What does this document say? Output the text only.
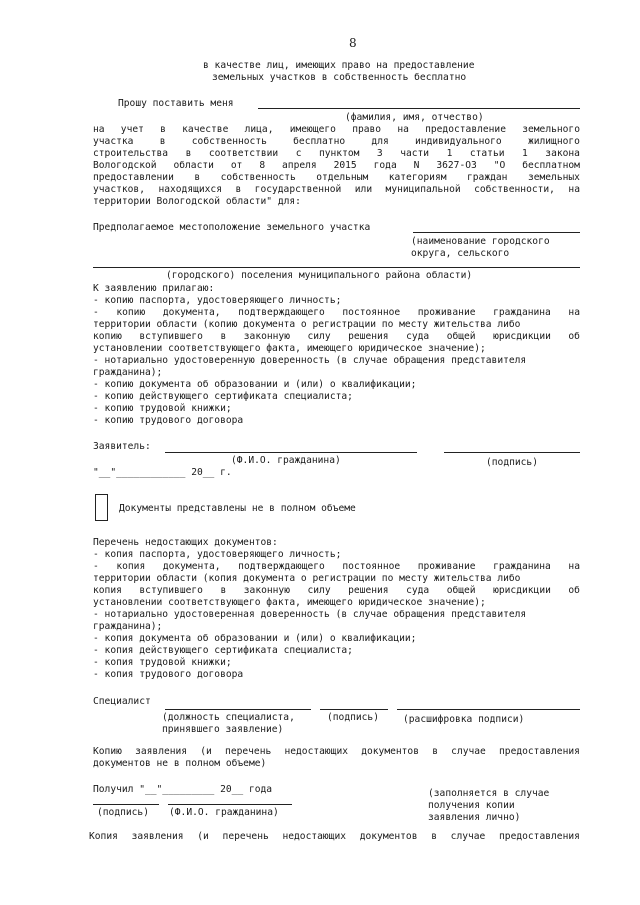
8
в качестве лиц, имеющих право на предоставление
земельных участков в собственность бесплатно
Прошу поставить меня
(фамилия, имя, отчество)
на учет в качестве лица, имеющего право на предоставление земельного
участка	в	собственность	бесплатно	для	индивидуального	жилищного
строительства в соответствии с пунктом 3 части 1 статьи 1 закона
Вологодской области от 8 апреля 2015 года N 3627-ОЗ "О бесплатном
предоставлении в собственность отдельным категориям граждан земельных
участков, находящихся в государственной или муниципальной собственности, на
территории Вологодской области" для:
Предполагаемое местоположение земельного участка
(наименование городского
округа, сельского
(городского) поселения муниципального района области)
К заявлению прилагаю:
- копию паспорта, удостоверяющего личность;
- копию документа, подтверждающего постоянное проживание гражданина на
территории области (копию документа о регистрации по месту жительства либо
копию вступившего в законную силу решения суда общей юрисдикции об
установлении соответствующего факта, имеющего юридическое значение);
- нотариально удостоверенную доверенность (в случае обращения представителя
гражданина);
- копию документа об образовании и (или) о квалификации;
- копию действующего сертификата специалиста;
- копию трудовой книжки;
- копию трудового договора
Заявитель:
(Ф.И.О. гражданина)	(подпись)
"__"____________ 20__ г.
Документы представлены не в полном объеме
Перечень недостающих документов:
- копия паспорта, удостоверяющего личность;
- копия документа, подтверждающего постоянное проживание гражданина на
территории области (копия документа о регистрации по месту жительства либо
копия вступившего в законную силу решения суда общей юрисдикции об
установлении соответствующего факта, имеющего юридическое значение);
- нотариально удостоверенная доверенность (в случае обращения представителя
гражданина);
- копия документа об образовании и (или) о квалификации;
- копия действующего сертификата специалиста;
- копия трудовой книжки;
- копия трудового договора
Специалист
(должность специалиста,
принявшего заявление)
(подпись)	(расшифровка подписи)
Копию заявления (и перечень недостающих документов в случае предоставления
документов не в полном объеме)
Получил "__"_________ 20__ года	(заполняется в случае
получения копии
заявления лично)
(подпись) (Ф.И.О. гражданина)
Копия заявления (и перечень недостающих документов в случае предоставления
